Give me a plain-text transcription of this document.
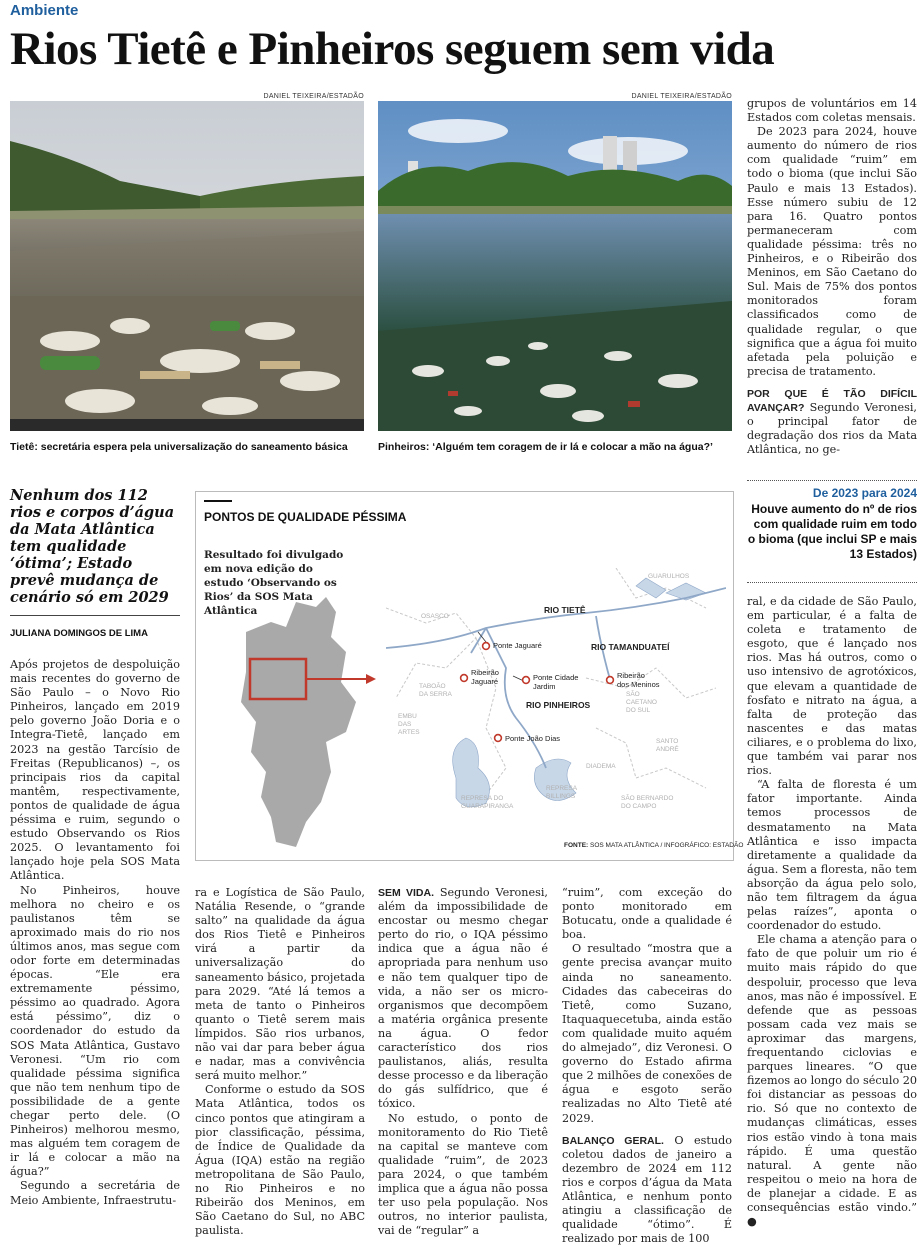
Ambiente
Rios Tietê e Pinheiros seguem sem vida
DANIEL TEIXEIRA/ESTADÃO
Tietê: secretária espera pela universalização do saneamento básica
DANIEL TEIXEIRA/ESTADÃO
Pinheiros: ‘Alguém tem coragem de ir lá e colocar a mão na água?’
Nenhum dos 112 rios e corpos d’água da Mata Atlântica tem qualidade ‘ótima’; Estado prevê mudança de cenário só em 2029
JULIANA DOMINGOS DE LIMA

Após projetos de despoluição mais recentes do governo de São Paulo – o Novo Rio Pinheiros, lançado em 2019 pelo governo João Doria e o Integra-Tietê, lançado em 2023 na gestão Tarcísio de Freitas (Republicanos) –, os principais rios da capital mantêm, respectivamente, pontos de qualidade de água péssima e ruim, segundo o estudo Observando os Rios 2025. O levantamento foi lançado hoje pela SOS Mata Atlântica.

No Pinheiros, houve melhora no cheiro e os paulistanos têm se aproximado mais do rio nos últimos anos, mas segue com odor forte em determinadas épocas. “Ele era extremamente péssimo, péssimo ao quadrado. Agora está péssimo”, diz o coordenador do estudo da SOS Mata Atlântica, Gustavo Veronesi. “Um rio com qualidade péssima significa que não tem nenhum tipo de possibilidade de a gente chegar perto dele. (O Pinheiros) melhorou mesmo, mas alguém tem coragem de ir lá e colocar a mão na água?”

Segundo a secretária de Meio Ambiente, Infraestrutu-

PONTOS DE QUALIDADE PÉSSIMA
Resultado foi divulgado em nova edição do estudo ‘Observando os Rios’ da SOS Mata Atlântica	RIO TIETÊ
RIO TAMANDUATEÍ
RIO PINHEIROS
Ponte Jaguaré
Ribeirão Jaguaré	Ponte Cidade Jardim
Ribeirão dos Meninos
Ponte João Dias
REPRESA DO GUARAPIRANGA
REPRESA BILLINGS
GUARULHOS
OSASCO
TABOÃO DA SERRA
EMBU DAS ARTES
SÃO CAETANO DO SUL
SANTO ANDRÉ
DIADEMA
SÃO BERNARDO DO CAMPO
FONTE: SOS MATA ATLÂNTICA / INFOGRÁFICO: ESTADÃO

ra e Logística de São Paulo, Natália Resende, o “grande salto” na qualidade da água dos Rios Tietê e Pinheiros virá a partir da universalização do saneamento básico, projetada para 2029. “Até lá temos a meta de tanto o Pinheiros quanto o Tietê serem mais límpidos. São rios urbanos, não vai dar para beber água e nadar, mas a convivência será muito melhor.”

Conforme o estudo da SOS Mata Atlântica, todos os cinco pontos que atingiram a pior classificação, péssima, de Índice de Qualidade da Água (IQA) estão na região metropolitana de São Paulo, no Rio Pinheiros e no Ribeirão dos Meninos, em São Caetano do Sul, no ABC paulista.

SEM VIDA. Segundo Veronesi, além da impossibilidade de encostar ou mesmo chegar perto do rio, o IQA péssimo indica que a água não é apropriada para nenhum uso e não tem qualquer tipo de vida, a não ser os micro-organismos que decompõem a matéria orgânica presente na água. O fedor característico dos rios paulistanos, aliás, resulta desse processo e da liberação do gás sulfídrico, que é tóxico.

No estudo, o ponto de monitoramento do Rio Tietê na capital se manteve com qualidade “ruim”, de 2023 para 2024, o que também implica que a água não possa ter uso pela população. Nos outros, no interior paulista, vai de “regular” a

“ruim”, com exceção do ponto monitorado em Botucatu, onde a qualidade é boa.

O resultado “mostra que a gente precisa avançar muito ainda no saneamento. Cidades das cabeceiras do Tietê, como Suzano, Itaquaquecetuba, ainda estão com qualidade muito aquém do almejado”, diz Veronesi. O governo do Estado afirma que 2 milhões de conexões de água e esgoto serão realizadas no Alto Tietê até 2029.

BALANÇO GERAL. O estudo coletou dados de janeiro a dezembro de 2024 em 112 rios e corpos d’água da Mata Atlântica, e nenhum ponto atingiu a classificação de qualidade “ótimo”. É realizado por mais de 100

grupos de voluntários em 14 Estados com coletas mensais.

De 2023 para 2024, houve aumento do número de rios com qualidade “ruim” em todo o bioma (que inclui São Paulo e mais 13 Estados). Esse número subiu de 12 para 16. Quatro pontos permaneceram com qualidade péssima: três no Pinheiros, e o Ribeirão dos Meninos, em São Caetano do Sul. Mais de 75% dos pontos monitorados foram classificados como de qualidade regular, o que significa que a água foi muito afetada pela poluição e precisa de tratamento.

POR QUE É TÃO DIFÍCIL AVANÇAR? Segundo Veronesi, o principal fator de degradação dos rios da Mata Atlântica, no ge-

De 2023 para 2024
Houve aumento do nº de rios com qualidade ruim em todo o bioma (que inclui SP e mais 13 Estados)

ral, e da cidade de São Paulo, em particular, é a falta de coleta e tratamento de esgoto, que é lançado nos rios. Mas há outros, como o uso intensivo de agrotóxicos, que elevam a quantidade de fosfato e nitrato na água, a falta de proteção das nascentes e das matas ciliares, e o problema do lixo, que também vai parar nos rios.

“A falta de floresta é um fator importante. Ainda temos processos de desmatamento na Mata Atlântica e isso impacta diretamente a qualidade da água. Sem a floresta, não tem absorção da água pelo solo, não tem filtragem da água pelas raízes”, aponta o coordenador do estudo.

Ele chama a atenção para o fato de que poluir um rio é muito mais rápido do que despoluir, processo que leva anos, mas não é impossível. E defende que as pessoas possam cada vez mais se aproximar das margens, frequentando ciclovias e parques lineares. “O que fizemos ao longo do século 20 foi distanciar as pessoas do rio. Só que no contexto de mudanças climáticas, esses rios estão vindo à tona mais rápido. É uma questão natural. A gente não respeitou o meio na hora de de planejar a cidade. E as consequências estão vindo.” ●
